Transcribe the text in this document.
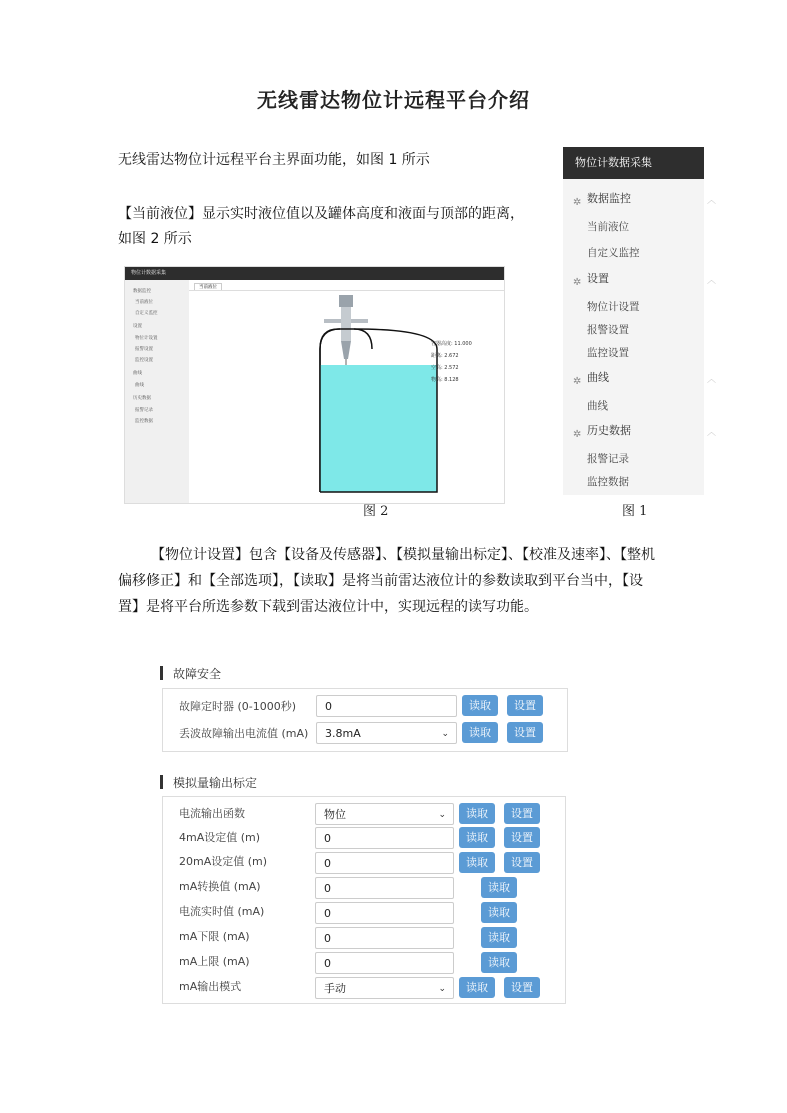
无线雷达物位计远程平台介绍
无线雷达物位计远程平台主界面功能，如图 1 所示
【当前液位】显示实时液位值以及罐体高度和液面与顶部的距离，
如图 2 所示
物位计数据采集
✲ 数据监控	︿
当前液位
自定义监控
✲ 设置	︿
物位计设置
报警设置
监控设置
✲ 曲线	︿
曲线
✲ 历史数据	︿
报警记录
监控数据
图 1
物位计数据采集
数据监控
当前液位
自定义监控
设置
物位计设置
报警设置
监控设置
曲线
曲线
历史数据
报警记录
监控数据
当前液位
容器高度: 11.000
距离: 2.672
空高: 2.572
物高: 8.128
图 2
【物位计设置】包含【设备及传感器】、【模拟量输出标定】、【校准及速率】、【整机
偏移修正】和【全部选项】，【读取】是将当前雷达液位计的参数读取到平台当中，【设
置】是将平台所选参数下载到雷达液位计中，实现远程的读写功能。
故障安全
故障定时器 (0-1000秒)	0	读取	设置
丢波故障输出电流值 (mA)	3.8mA	⌄	读取	设置
模拟量输出标定
电流输出函数	物位	⌄	读取	设置
4mA设定值 (m)	0	读取	设置
20mA设定值 (m)	0	读取	设置
mA转换值 (mA)	0	读取
电流实时值 (mA)	0	读取
mA下限 (mA)	0	读取
mA上限 (mA)	0	读取
mA输出模式	手动	⌄	读取	设置
